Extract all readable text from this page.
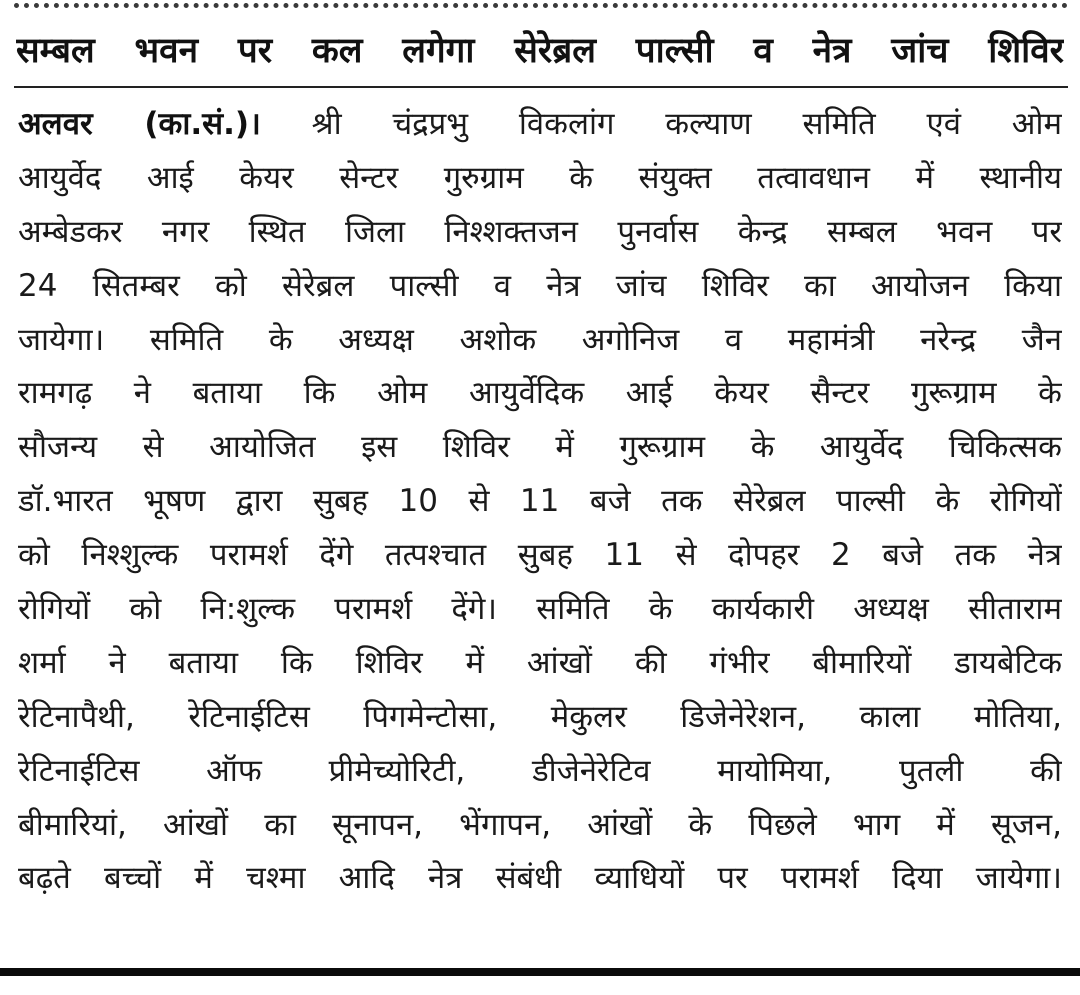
सम्बल भवन पर कल लगेगा सेरेब्रल पाल्सी व नेत्र जांच शिविर
अलवर (का.सं.)। श्री चंद्रप्रभु विकलांग कल्याण समिति एवं ओम
आयुर्वेद आई केयर सेन्टर गुरुग्राम के संयुक्त तत्वावधान में स्थानीय
अम्बेडकर नगर स्थित जिला निश्शक्तजन पुनर्वास केन्द्र सम्बल भवन पर
24 सितम्बर को सेरेब्रल पाल्सी व नेत्र जांच शिविर का आयोजन किया
जायेगा। समिति के अध्यक्ष अशोक अगोनिज व महामंत्री नरेन्द्र जैन
रामगढ़ ने बताया कि ओम आयुर्वेदिक आई केयर सैन्टर गुरूग्राम के
सौजन्य से आयोजित इस शिविर में गुरूग्राम के आयुर्वेद चिकित्सक
डॉ.भारत भूषण द्वारा सुबह 10 से 11 बजे तक सेरेब्रल पाल्सी के रोगियों
को निश्शुल्क परामर्श देंगे तत्पश्चात सुबह 11 से दोपहर 2 बजे तक नेत्र
रोगियों को नि:शुल्क परामर्श देंगे। समिति के कार्यकारी अध्यक्ष सीताराम
शर्मा ने बताया कि शिविर में आंखों की गंभीर बीमारियों डायबेटिक
रेटिनापैथी, रेटिनाईटिस पिगमेन्टोसा, मेकुलर डिजेनेरेशन, काला मोतिया,
रेटिनाईटिस ऑफ प्रीमेच्योरिटी, डीजेनेरेटिव मायोमिया, पुतली की
बीमारियां, आंखों का सूनापन, भेंगापन, आंखों के पिछले भाग में सूजन,
बढ़ते बच्चों में चश्मा आदि नेत्र संबंधी व्याधियों पर परामर्श दिया जायेगा।
